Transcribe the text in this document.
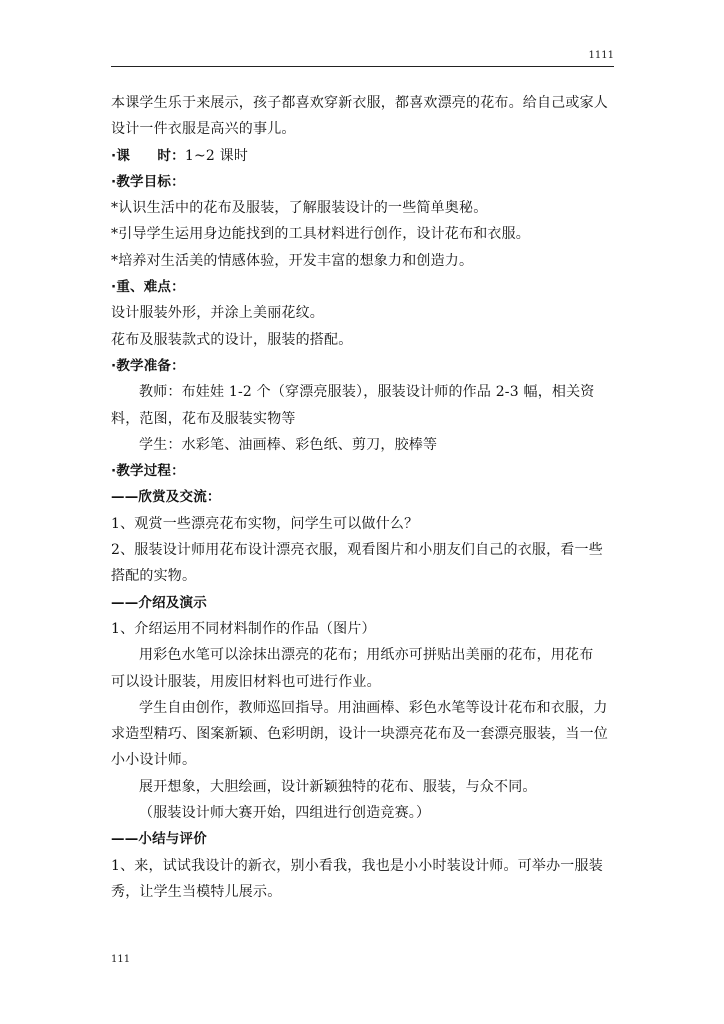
1111
本课学生乐于来展示，孩子都喜欢穿新衣服，都喜欢漂亮的花布。给自己或家人
设计一件衣服是高兴的事儿。
·课　　时：1~2 课时
·教学目标：
*认识生活中的花布及服装，了解服装设计的一些简单奥秘。
*引导学生运用身边能找到的工具材料进行创作，设计花布和衣服。
*培养对生活美的情感体验，开发丰富的想象力和创造力。
·重、难点：
设计服装外形，并涂上美丽花纹。
花布及服装款式的设计，服装的搭配。
·教学准备：
教师：布娃娃 1-2 个（穿漂亮服装），服装设计师的作品 2-3 幅，相关资
料，范图，花布及服装实物等
学生：水彩笔、油画棒、彩色纸、剪刀，胶棒等
·教学过程：
——欣赏及交流：
1、观赏一些漂亮花布实物，问学生可以做什么？
2、服装设计师用花布设计漂亮衣服，观看图片和小朋友们自己的衣服，看一些
搭配的实物。
——介绍及演示
1、介绍运用不同材料制作的作品（图片）
用彩色水笔可以涂抹出漂亮的花布；用纸亦可拼贴出美丽的花布，用花布
可以设计服装，用废旧材料也可进行作业。
学生自由创作，教师巡回指导。用油画棒、彩色水笔等设计花布和衣服，力
求造型精巧、图案新颖、色彩明朗，设计一块漂亮花布及一套漂亮服装，当一位
小小设计师。
展开想象，大胆绘画，设计新颖独特的花布、服装，与众不同。
（服装设计师大赛开始，四组进行创造竞赛。）
——小结与评价
1、来，试试我设计的新衣，别小看我，我也是小小时装设计师。可举办一服装
秀，让学生当模特儿展示。
111
